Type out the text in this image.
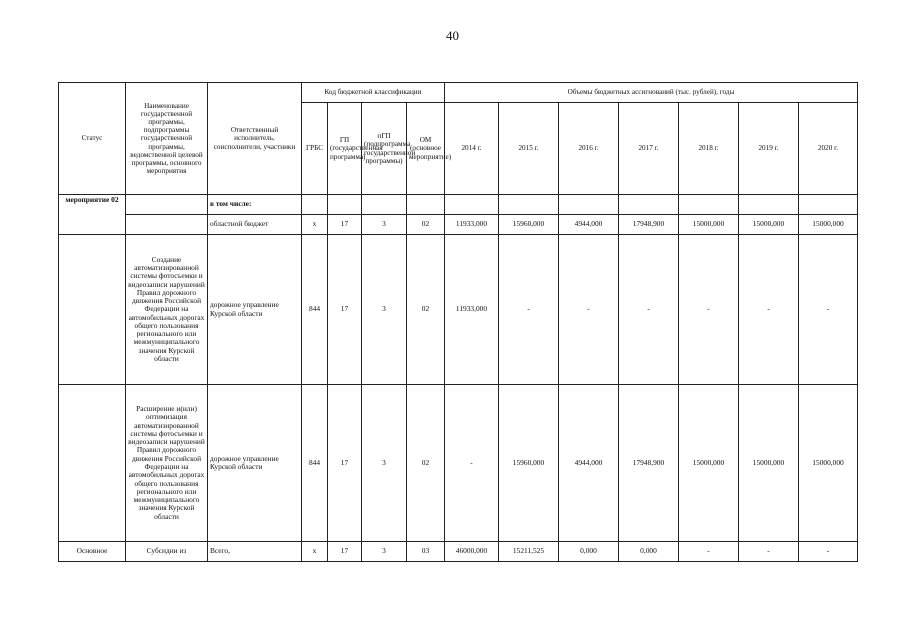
40
Статус	Наименование государственной программы, подпрограммы государственной программы, ведомственной целевой программы, основного мероприятия	Ответственный исполнитель, соисполнители, участники	Код бюджетной классификации				Объемы бюджетных ассигнований (тыс. рублей), годы						
			ГРБС	ГП (государственная программа)	пГП (подпрограмма государственной программы)	ОМ (основное мероприятие)	2014 г.	2015 г.	2016 г.	2017 г.	2018 г.	2019 г.	2020 г.
мероприятие 02		в том числе:											
		областной бюджет	x	17	3	02	11933,000	15960,000	4944,000	17948,900	15000,000	15000,000	15000,000
	Создание автоматизированной системы фотосъемки и видеозаписи нарушений Правил дорожного движения Российской Федерации на автомобильных дорогах общего пользования регионального или межмуниципального значения Курской области	дорожное управление Курской области	844	17	3	02	11933,000	-	-	-	-	-	-
	Расширение и(или) оптимизация автоматизированной системы фотосъемки и видеозаписи нарушений Правил дорожного движения Российской Федерации на автомобильных дорогах общего пользования регионального или межмуниципального значения Курской области	дорожное управление Курской области	844	17	3	02	-	15960,000	4944,000	17948,900	15000,000	15000,000	15000,000
Основное	Субсидии из	Всего,	x	17	3	03	46000,000	15211,525	0,000	0,000	-	-	-
